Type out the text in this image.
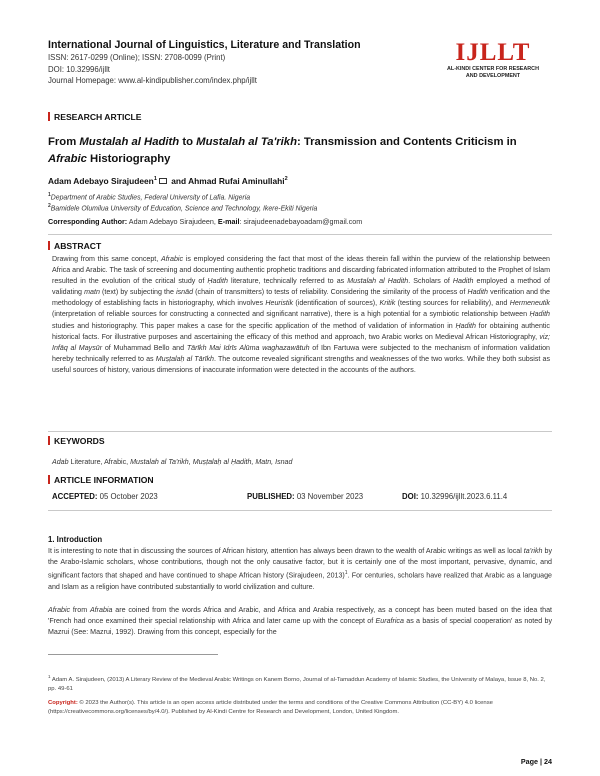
International Journal of Linguistics, Literature and Translation
ISSN: 2617-0299 (Online); ISSN: 2708-0099 (Print)
DOI: 10.32996/ijllt
Journal Homepage: www.al-kindipublisher.com/index.php/ijllt
IJLLT
AL-KINDI CENTER FOR RESEARCH
AND DEVELOPMENT
RESEARCH ARTICLE
From Mustalah al Hadith to Mustalah al Ta'rikh: Transmission and Contents Criticism in Afrabic Historiography
Adam Adebayo Sirajudeen$^1$ and Ahmad Rufai Aminullahi$^2$
$^1$Department of Arabic Studies, Federal University of Lafia. Nigeria
$^2$Bamidele Olumilua University of Education, Science and Technology, Ikere-Ekiti Nigeria
Corresponding Author: Adam Adebayo Sirajudeen, E-mail: sirajudeenadebayoadam@gmail.com
ABSTRACT
Drawing from this same concept, Afrabic is employed considering the fact that most of the ideas therein fall within the purview of the relationship between Africa and Arabic. The task of screening and documenting authentic prophetic traditions and discarding fabricated information attributed to the Prophet of Islam resulted in the evolution of the critical study of Ḥadith literature, technically referred to as Mustalah al Hadith. Scholars of Hadith employed a method of validating matn (text) by subjecting the isnād (chain of transmitters) to tests of reliability. Considering the similarity of the process of Hadith verification and the methodology of establishing facts in historiography, which involves Heuristik (identification of sources), Kritik (testing sources for reliability), and Hermeneutik (interpretation of reliable sources for constructing a connected and significant narrative), there is a high potential for a symbiotic relationship between Ḥadith studies and historiography. This paper makes a case for the specific application of the method of validation of information in Ḥadith for obtaining authentic historical facts. For illustrative purposes and ascertaining the efficacy of this method and approach, two Arabic works on Medieval African Historiography, viz; Infāq al Maysūr of Muhammad Bello and Tārīkh Mai Idrīs Alūma waghazawātuh of Ibn Fartuwa were subjected to the mechanism of information validation hereby technically referred to as Muṣṭalaḥ al Tārīkh. The outcome revealed significant strengths and weaknesses of the two works. While they both subsist as useful sources of history, various dimensions of inaccurate information were detected in the accounts of the authors.
KEYWORDS
Adab Literature, Afrabic, Mustalah al Ta'rikh, Muṣṭalaḥ al Ḥadith, Matn, Isnad
ARTICLE INFORMATION
ACCEPTED: 05 October 2023	PUBLISHED: 03 November 2023	DOI: 10.32996/ijllt.2023.6.11.4
1. Introduction
It is interesting to note that in discussing the sources of African history, attention has always been drawn to the wealth of Arabic writings as well as local ta'rikh by the Arabo-Islamic scholars, whose contributions, though not the only causative factor, but it is certainly one of the most important, pervasive, dynamic, and significant factors that shaped and have continued to shape African history (Sirajudeen, 2013)$^1$. For centuries, scholars have realized that Arabic as a language and Islam as a religion have contributed substantially to world civilization and culture.
Afrabic from Afrabia are coined from the words Africa and Arabic, and Africa and Arabia respectively, as a concept has been muted based on the idea that 'French had once examined their special relationship with Africa and later came up with the concept of Eurafrica as a basis of special cooperation' as noted by Mazrui (See: Mazrui, 1992). Drawing from this concept, especially for the
$^1$ Adam A. Sirajudeen, (2013) A Literary Review of the Medieval Arabic Writings on Kanem Borno, Journal of al-Tamaddun Academy of Islamic Studies, the University of Malaya, Issue 8, No. 2, pp. 49-61
Copyright: © 2023 the Author(s). This article is an open access article distributed under the terms and conditions of the Creative Commons Attribution (CC-BY) 4.0 license (https://creativecommons.org/licenses/by/4.0/). Published by Al-Kindi Centre for Research and Development, London, United Kingdom.
Page | 24
